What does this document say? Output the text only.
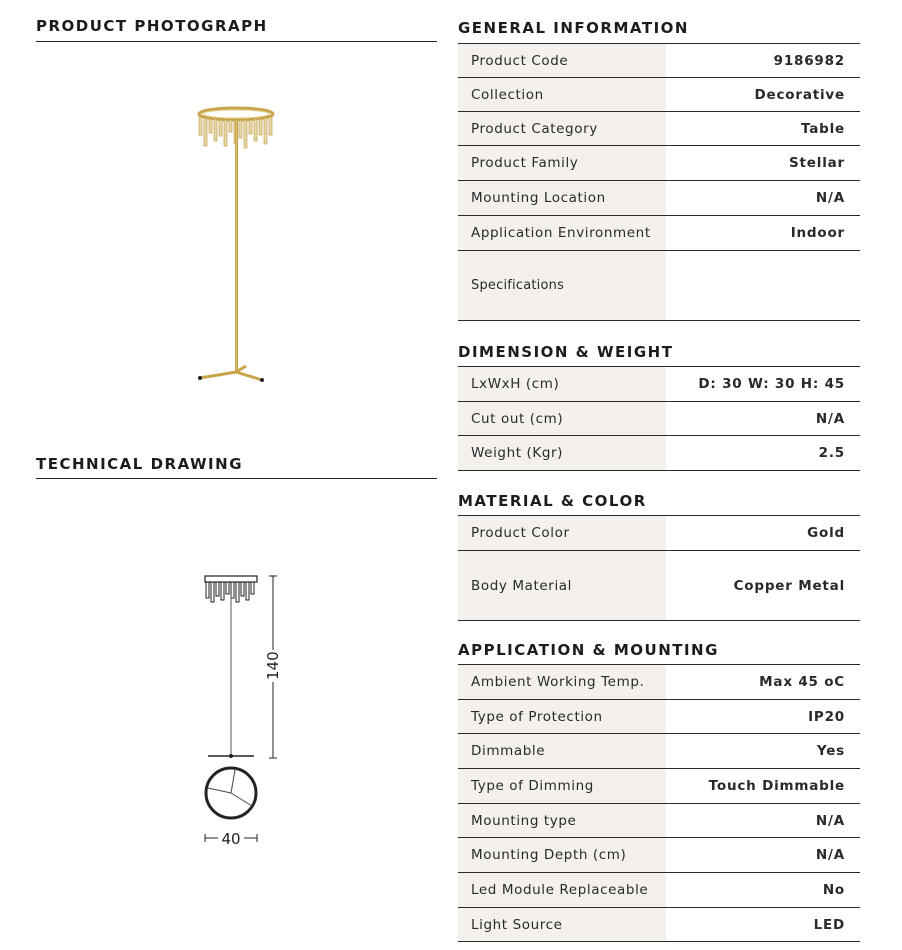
PRODUCT PHOTOGRAPH
TECHNICAL DRAWING
140
40
GENERAL INFORMATION
Product Code	9186982
Collection	Decorative
Product Category	Table
Product Family	Stellar
Mounting Location	N/A
Application Environment	Indoor
Specifications
DIMENSION & WEIGHT
LxWxH (cm)	D: 30 W: 30 H: 45
Cut out (cm)	N/A
Weight (Kgr)	2.5
MATERIAL & COLOR
Product Color	Gold
Body Material	Copper Metal
APPLICATION & MOUNTING
Ambient Working Temp.	Max 45 oC
Type of Protection	IP20
Dimmable	Yes
Type of Dimming	Touch Dimmable
Mounting type	N/A
Mounting Depth (cm)	N/A
Led Module Replaceable	No
Light Source	LED
